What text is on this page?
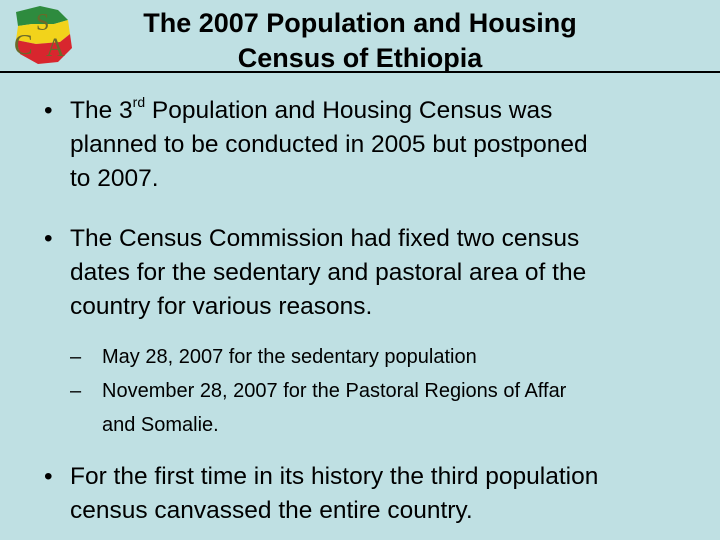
S
C A
The 2007 Population and Housing
Census of Ethiopia
• The 3rd Population and Housing Census was
planned to be conducted in 2005 but postponed
to 2007.
• The Census Commission had fixed two census
dates for the sedentary and pastoral area of the
country for various reasons.
– May 28, 2007 for the sedentary population
– November 28, 2007 for the Pastoral Regions of Affar
and Somalie.
• For the first time in its history the third population
census canvassed the entire country.
